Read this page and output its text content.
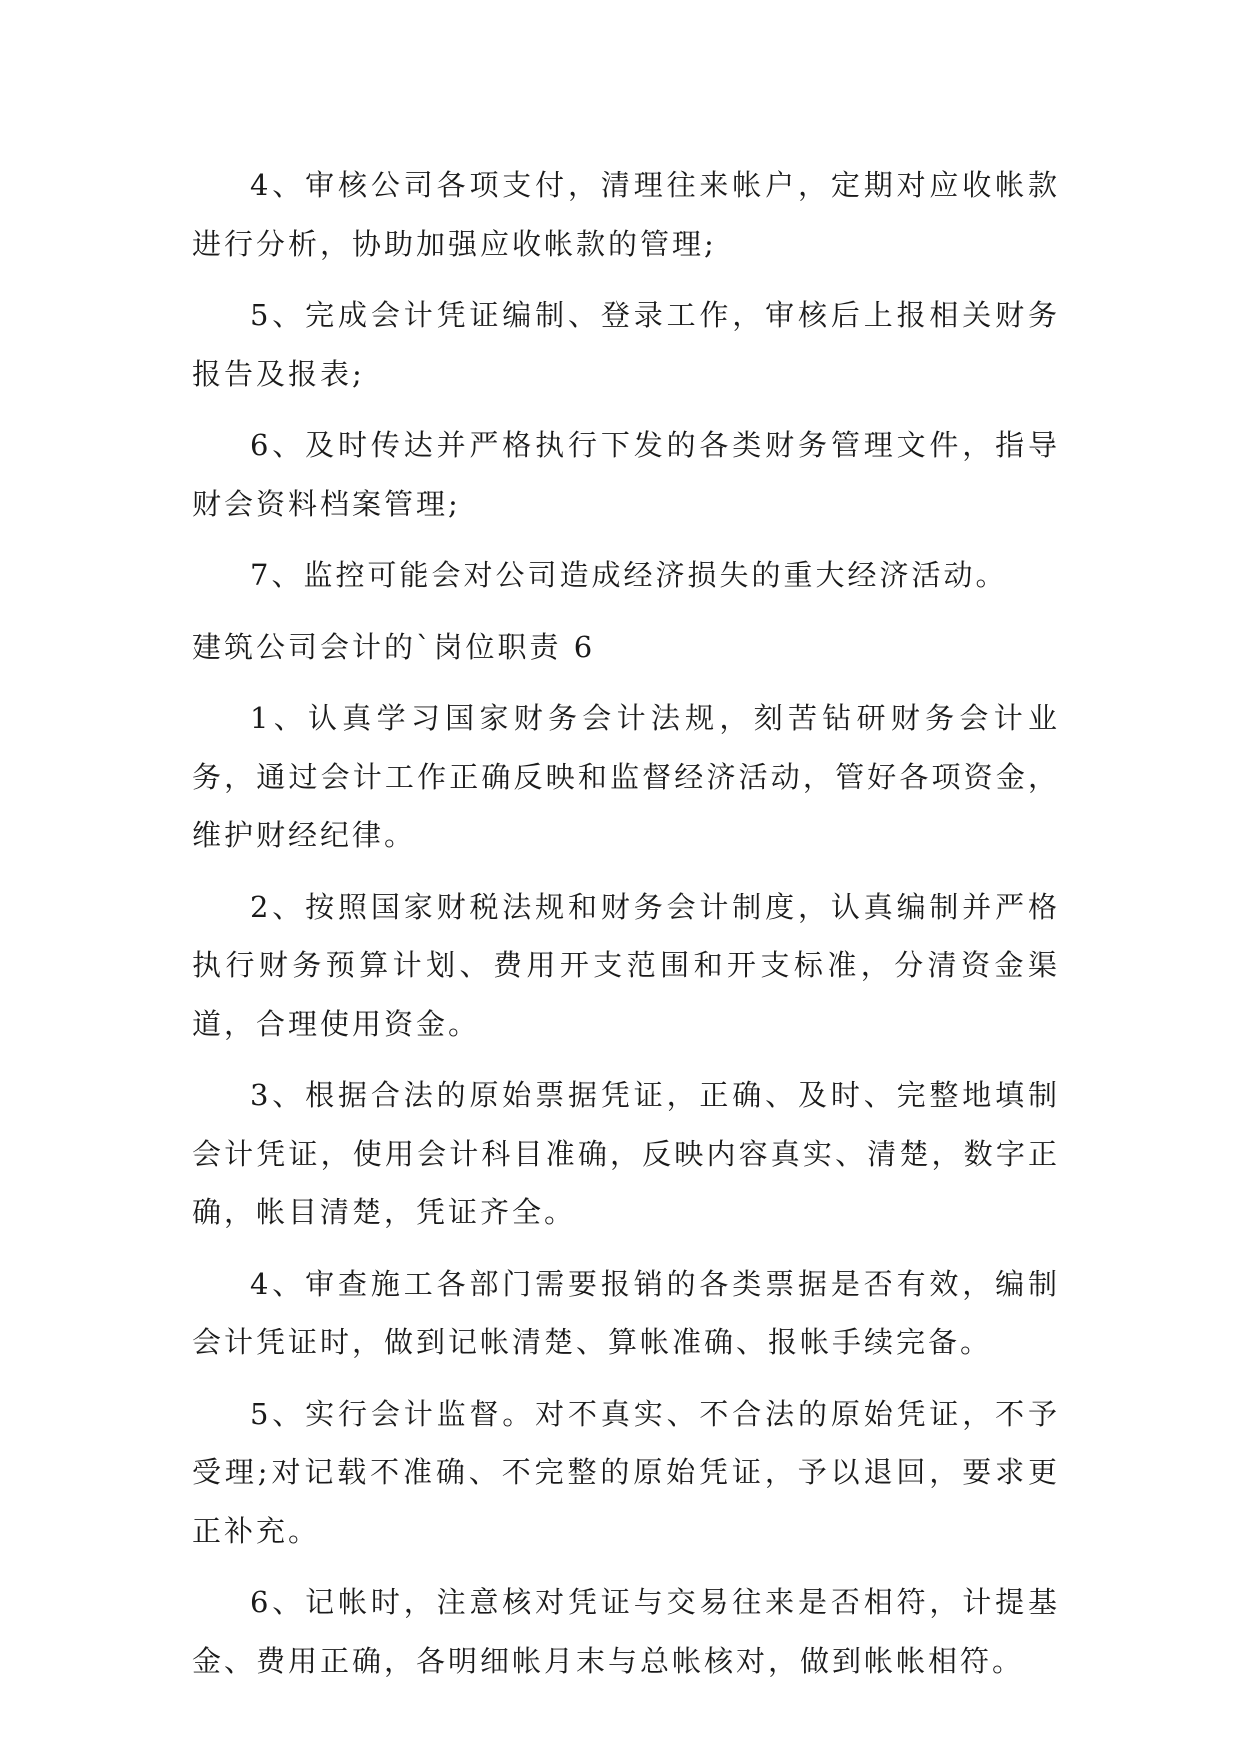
4、审核公司各项支付，清理往来帐户，定期对应收帐款进行分析，协助加强应收帐款的管理;

5、完成会计凭证编制、登录工作，审核后上报相关财务报告及报表;

6、及时传达并严格执行下发的各类财务管理文件，指导财会资料档案管理;

7、监控可能会对公司造成经济损失的重大经济活动。

建筑公司会计的`岗位职责 6

1、认真学习国家财务会计法规，刻苦钻研财务会计业务，通过会计工作正确反映和监督经济活动，管好各项资金，维护财经纪律。

2、按照国家财税法规和财务会计制度，认真编制并严格执行财务预算计划、费用开支范围和开支标准，分清资金渠道，合理使用资金。

3、根据合法的原始票据凭证，正确、及时、完整地填制会计凭证，使用会计科目准确，反映内容真实、清楚，数字正确，帐目清楚，凭证齐全。

4、审查施工各部门需要报销的各类票据是否有效，编制会计凭证时，做到记帐清楚、算帐准确、报帐手续完备。

5、实行会计监督。对不真实、不合法的原始凭证，不予受理;对记载不准确、不完整的原始凭证，予以退回，要求更正补充。

6、记帐时，注意核对凭证与交易往来是否相符，计提基金、费用正确，各明细帐月末与总帐核对，做到帐帐相符。
